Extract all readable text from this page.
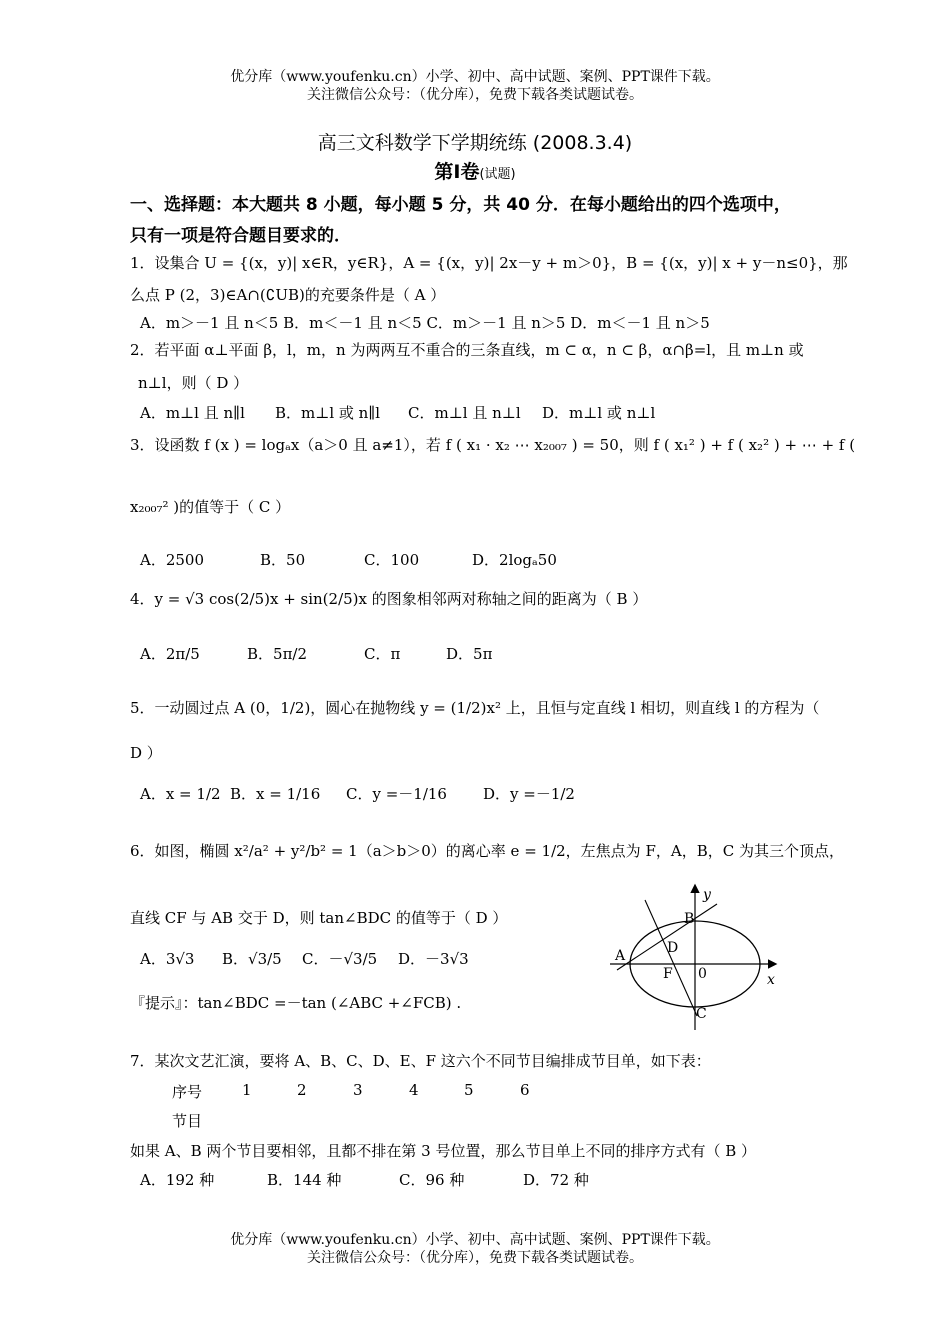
优分库（www.youfenku.cn）小学、初中、高中试题、案例、PPT课件下载。
关注微信公众号：（优分库），免费下载各类试题试卷。
高三文科数学下学期统练 (2008.3.4)
第Ⅰ卷(试题)
一、选择题：本大题共 8 小题，每小题 5 分，共 40 分．在每小题给出的四个选项中，
只有一项是符合题目要求的．
1．设集合 U = {(x，y)| x∈R，y∈R}，A = {(x，y)| 2x－y + m＞0}，B = {(x，y)| x + y－n≤0}，那
么点 P (2，3)∈A∩(∁UB)的充要条件是（ A ）
A．m＞－1 且 n＜5 B．m＜－1 且 n＜5 C．m＞－1 且 n＞5 D．m＜－1 且 n＞5
2．若平面 α⊥平面 β，l，m，n 为两两互不重合的三条直线，m ⊂ α，n ⊂ β，α∩β=l，且 m⊥n 或
n⊥l，则（ D ）
A．m⊥l 且 n∥l B．m⊥l 或 n∥l C．m⊥l 且 n⊥l D．m⊥l 或 n⊥l
3．设函数 f (x ) = logₐx（a＞0 且 a≠1），若 f ( x₁ · x₂ ⋯ x₂₀₀₇ ) = 50，则 f ( x₁² ) + f ( x₂² ) + ⋯ + f (
x₂₀₀₇² )的值等于（ C ）
A．2500	B．50	C．100	D．2logₐ50
4．y = √3 cos(2/5)x + sin(2/5)x 的图象相邻两对称轴之间的距离为（ B ）
A．2π/5	B．5π/2	C．π	D．5π
5．一动圆过点 A (0，1/2)，圆心在抛物线 y = (1/2)x² 上，且恒与定直线 l 相切，则直线 l 的方程为（
D ）
A．x = 1/2 B．x = 1/16 C．y =－1/16 D．y =－1/2
6．如图，椭圆 x²/a² + y²/b² = 1（a＞b＞0）的离心率 e = 1/2，左焦点为 F，A，B，C 为其三个顶点，
直线 CF 与 AB 交于 D，则 tan∠BDC 的值等于（ D ）
A．3√3 B．√3/5 C．－√3/5 D．－3√3
『提示』：tan∠BDC =－tan (∠ABC +∠FCB) .
y
x
B
D
A
F 0
C
7．某次文艺汇演，要将 A、B、C、D、E、F 这六个不同节目编排成节目单，如下表：
序号	1	2	3	4	5	6
节目
如果 A、B 两个节目要相邻，且都不排在第 3 号位置，那么节目单上不同的排序方式有（ B ）
A．192 种	B．144 种	C．96 种	D．72 种
优分库（www.youfenku.cn）小学、初中、高中试题、案例、PPT课件下载。
关注微信公众号：（优分库），免费下载各类试题试卷。
